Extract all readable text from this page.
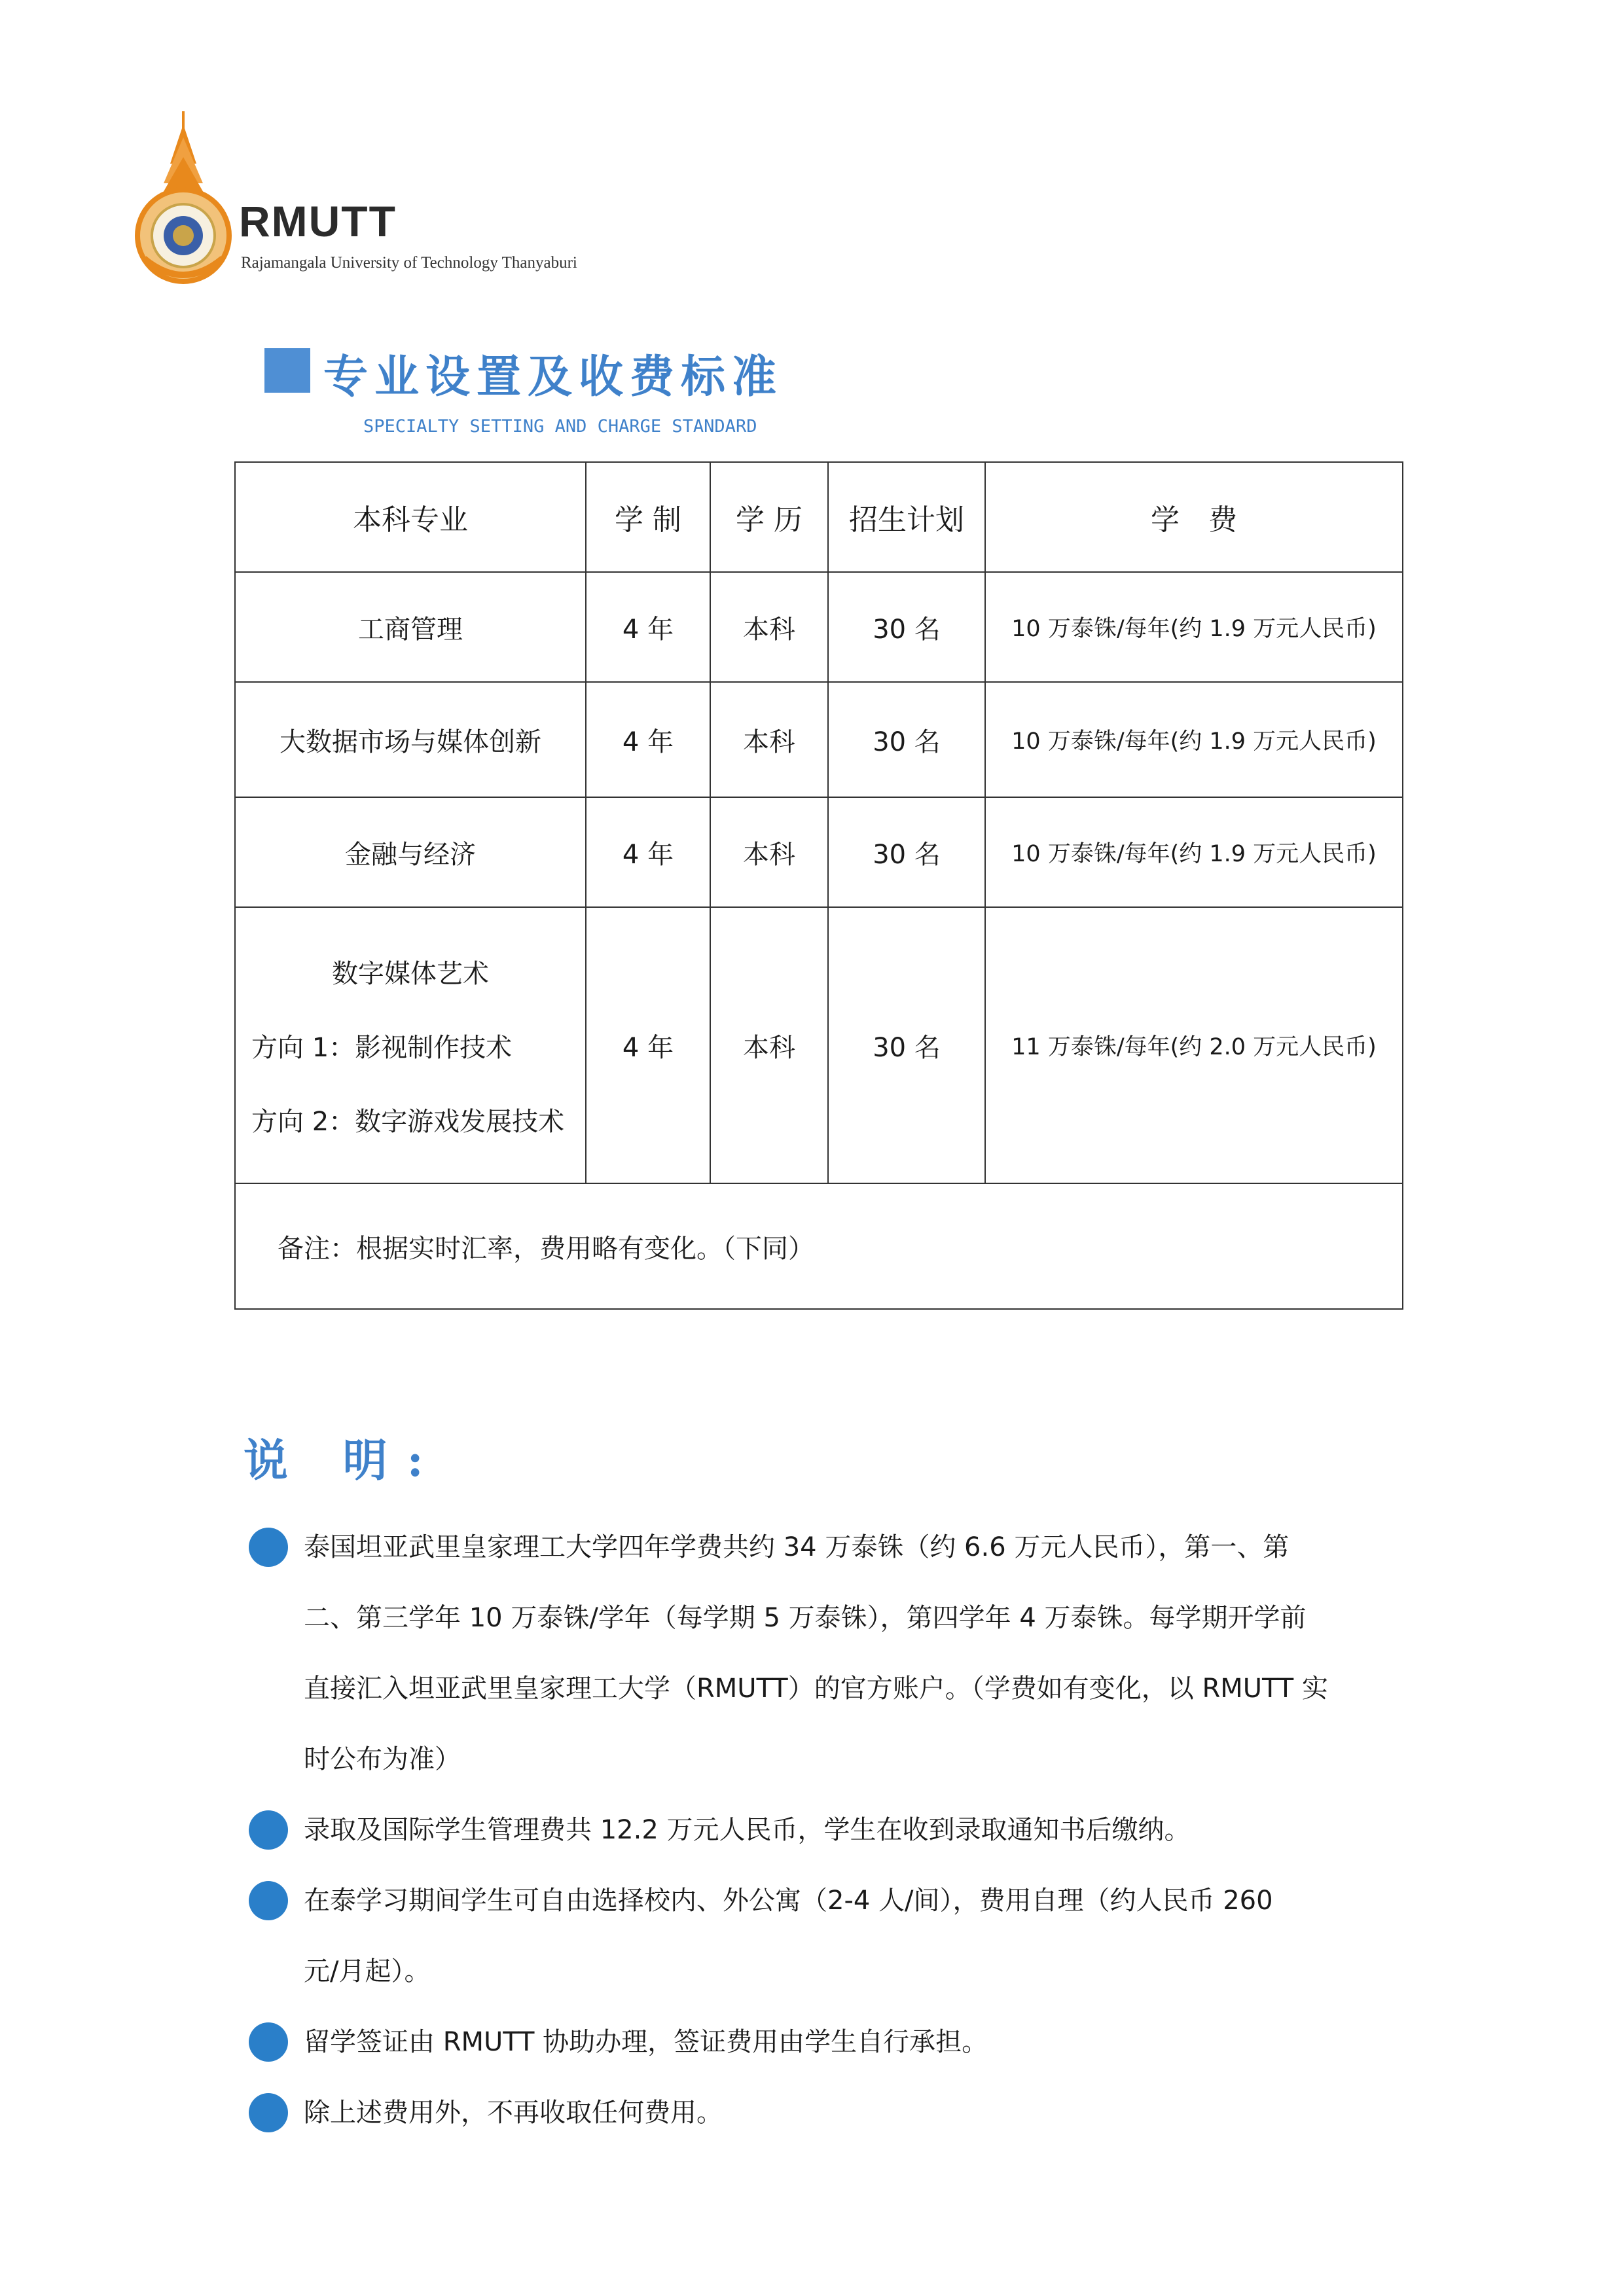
RMUTT
Rajamangala University of Technology Thanyaburi
专业设置及收费标准
SPECIALTY SETTING AND CHARGE STANDARD
本科专业	学 制	学 历	招生计划	学　费
工商管理	4 年	本科	30 名	10 万泰铢/每年(约 1.9 万元人民币)
大数据市场与媒体创新	4 年	本科	30 名	10 万泰铢/每年(约 1.9 万元人民币)
金融与经济	4 年	本科	30 名	10 万泰铢/每年(约 1.9 万元人民币)

数字媒体艺术
方向 1：影视制作技术
方向 2：数字游戏发展技术	4 年	本科	30 名	11 万泰铢/每年(约 2.0 万元人民币)
备注：根据实时汇率，费用略有变化。（下同）				
说 明:
泰国坦亚武里皇家理工大学四年学费共约 34 万泰铢（约 6.6 万元人民币），第一、第
二、第三学年 10 万泰铢/学年（每学期 5 万泰铢），第四学年 4 万泰铢。每学期开学前
直接汇入坦亚武里皇家理工大学（RMUTT）的官方账户。（学费如有变化，以 RMUTT 实
时公布为准）
录取及国际学生管理费共 12.2 万元人民币，学生在收到录取通知书后缴纳。
在泰学习期间学生可自由选择校内、外公寓（2-4 人/间），费用自理（约人民币 260
元/月起）。
留学签证由 RMUTT 协助办理，签证费用由学生自行承担。
除上述费用外，不再收取任何费用。
